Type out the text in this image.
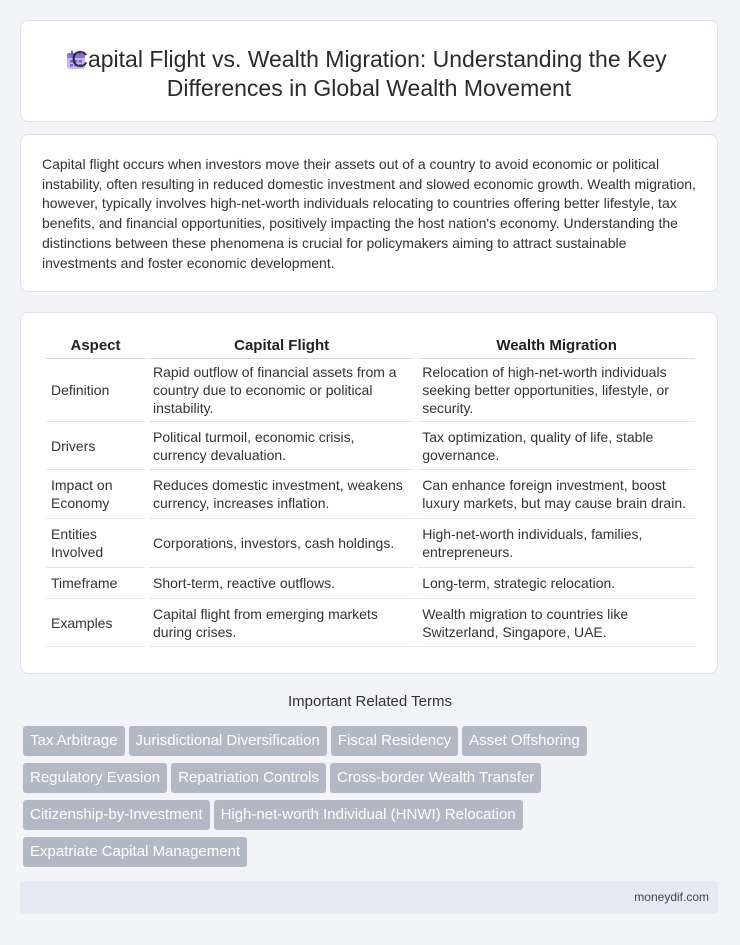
Capital Flight vs. Wealth Migration: Understanding the Key Differences in Global Wealth Movement
Capital flight occurs when investors move their assets out of a country to avoid economic or political instability, often resulting in reduced domestic investment and slowed economic growth. Wealth migration, however, typically involves high-net-worth individuals relocating to countries offering better lifestyle, tax benefits, and financial opportunities, positively impacting the host nation's economy. Understanding the distinctions between these phenomena is crucial for policymakers aiming to attract sustainable investments and foster economic development.
Aspect	Capital Flight	Wealth Migration
Definition	Rapid outflow of financial assets from a country due to economic or political instability.	Relocation of high-net-worth individuals seeking better opportunities, lifestyle, or security.
Drivers	Political turmoil, economic crisis, currency devaluation.	Tax optimization, quality of life, stable governance.
Impact on Economy	Reduces domestic investment, weakens currency, increases inflation.	Can enhance foreign investment, boost luxury markets, but may cause brain drain.
Entities Involved	Corporations, investors, cash holdings.	High-net-worth individuals, families, entrepreneurs.
Timeframe	Short-term, reactive outflows.	Long-term, strategic relocation.
Examples	Capital flight from emerging markets during crises.	Wealth migration to countries like Switzerland, Singapore, UAE.
Important Related Terms
Tax Arbitrage Jurisdictional Diversification Fiscal Residency Asset Offshoring
Regulatory Evasion Repatriation Controls Cross-border Wealth Transfer
Citizenship-by-Investment High-net-worth Individual (HNWI) Relocation
Expatriate Capital Management
moneydif.com
